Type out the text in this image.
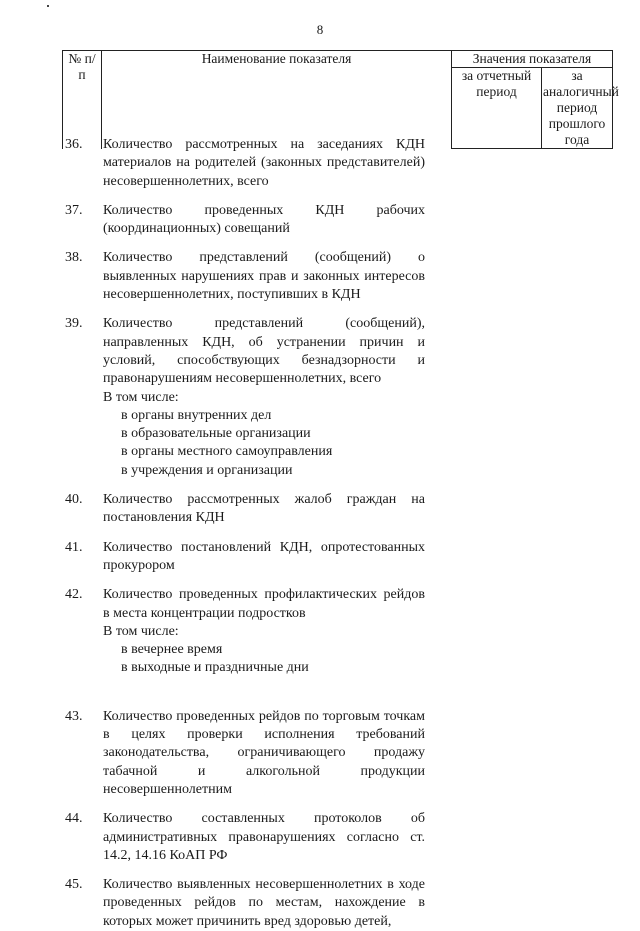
8
№ п/п	Наименование показателя	Значения показателя	

		за отчетный период	за аналогичный период прошлого года
36.	Количество рассмотренных на заседаниях КДН материалов на родителей (законных представителей) несовершеннолетних, всего

37.	Количество проведенных КДН рабочих (координационных) совещаний

38.	Количество представлений (сообщений) о выявленных нарушениях прав и законных интересов несовершеннолетних, поступивших в КДН

39.	Количество представлений (сообщений), направленных КДН, об устранении причин и условий, способствующих безнадзорности и правонарушениям несовершеннолетних, всего

В том числе:

в органы внутренних дел

в образовательные организации

в органы местного самоуправления

в учреждения и организации

40.	Количество рассмотренных жалоб граждан на постановления КДН

41.	Количество постановлений КДН, опротестованных прокурором

42.	Количество проведенных профилактических рейдов в места концентрации подростков

В том числе:

в вечернее время

в выходные и праздничные дни

43.	Количество проведенных рейдов по торговым точкам в целях проверки исполнения требований законодательства, ограничивающего продажу табачной и алкогольной продукции несовершеннолетним

44.	Количество составленных протоколов об административных правонарушениях согласно ст. 14.2, 14.16 КоАП РФ

45.	Количество выявленных несовершеннолетних в ходе проведенных рейдов по местам, нахождение в которых может причинить вред здоровью детей,
